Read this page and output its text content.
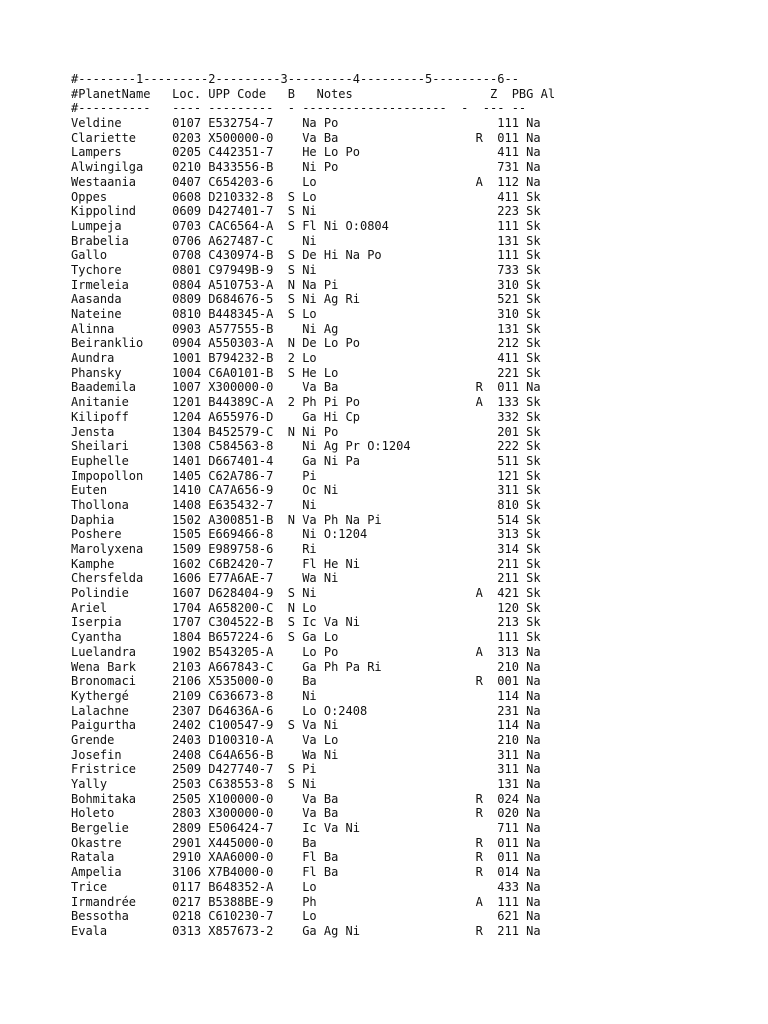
#--------1---------2---------3---------4---------5---------6--
#PlanetName   Loc. UPP Code   B   Notes                   Z  PBG Al
#----------   ---- ---------  - --------------------  -  --- --
Veldine       0107 E532754-7    Na Po                      111 Na
Clariette     0203 X500000-0    Va Ba                   R  011 Na
Lampers       0205 C442351-7    He Lo Po                   411 Na
Alwingilga    0210 B433556-B    Ni Po                      731 Na
Westaania     0407 C654203-6    Lo                      A  112 Na
Oppes         0608 D210332-8  S Lo                         411 Sk
Kippolind     0609 D427401-7  S Ni                         223 Sk
Lumpeja       0703 CAC6564-A  S Fl Ni O:0804               111 Sk
Brabelia      0706 A627487-C    Ni                         131 Sk
Gallo         0708 C430974-B  S De Hi Na Po                111 Sk
Tychore       0801 C97949B-9  S Ni                         733 Sk
Irmeleia      0804 A510753-A  N Na Pi                      310 Sk
Aasanda       0809 D684676-5  S Ni Ag Ri                   521 Sk
Nateine       0810 B448345-A  S Lo                         310 Sk
Alinna        0903 A577555-B    Ni Ag                      131 Sk
Beiranklio    0904 A550303-A  N De Lo Po                   212 Sk
Aundra        1001 B794232-B  2 Lo                         411 Sk
Phansky       1004 C6A0101-B  S He Lo                      221 Sk
Baademila     1007 X300000-0    Va Ba                   R  011 Na
Anitanie      1201 B44389C-A  2 Ph Pi Po                A  133 Sk
Kilipoff      1204 A655976-D    Ga Hi Cp                   332 Sk
Jensta        1304 B452579-C  N Ni Po                      201 Sk
Sheilari      1308 C584563-8    Ni Ag Pr O:1204            222 Sk
Euphelle      1401 D667401-4    Ga Ni Pa                   511 Sk
Impopollon    1405 C62A786-7    Pi                         121 Sk
Euten         1410 CA7A656-9    Oc Ni                      311 Sk
Thollona      1408 E635432-7    Ni                         810 Sk
Daphia        1502 A300851-B  N Va Ph Na Pi                514 Sk
Poshere       1505 E669466-8    Ni O:1204                  313 Sk
Marolyxena    1509 E989758-6    Ri                         314 Sk
Kamphe        1602 C6B2420-7    Fl He Ni                   211 Sk
Chersfelda    1606 E77A6AE-7    Wa Ni                      211 Sk
Polindie      1607 D628404-9  S Ni                      A  421 Sk
Ariel         1704 A658200-C  N Lo                         120 Sk
Iserpia       1707 C304522-B  S Ic Va Ni                   213 Sk
Cyantha       1804 B657224-6  S Ga Lo                      111 Sk
Luelandra     1902 B543205-A    Lo Po                   A  313 Na
Wena Bark     2103 A667843-C    Ga Ph Pa Ri                210 Na
Bronomaci     2106 X535000-0    Ba                      R  001 Na
Kythergé      2109 C636673-8    Ni                         114 Na
Lalachne      2307 D64636A-6    Lo O:2408                  231 Na
Paigurtha     2402 C100547-9  S Va Ni                      114 Na
Grende        2403 D100310-A    Va Lo                      210 Na
Josefin       2408 C64A656-B    Wa Ni                      311 Na
Fristrice     2509 D427740-7  S Pi                         311 Na
Yally         2503 C638553-8  S Ni                         131 Na
Bohmitaka     2505 X100000-0    Va Ba                   R  024 Na
Holeto        2803 X300000-0    Va Ba                   R  020 Na
Bergelie      2809 E506424-7    Ic Va Ni                   711 Na
Okastre       2901 X445000-0    Ba                      R  011 Na
Ratala        2910 XAA6000-0    Fl Ba                   R  011 Na
Ampelia       3106 X7B4000-0    Fl Ba                   R  014 Na
Trice         0117 B648352-A    Lo                         433 Na
Irmandrée     0217 B5388BE-9    Ph                      A  111 Na
Bessotha      0218 C610230-7    Lo                         621 Na
Evala         0313 X857673-2    Ga Ag Ni                R  211 Na
